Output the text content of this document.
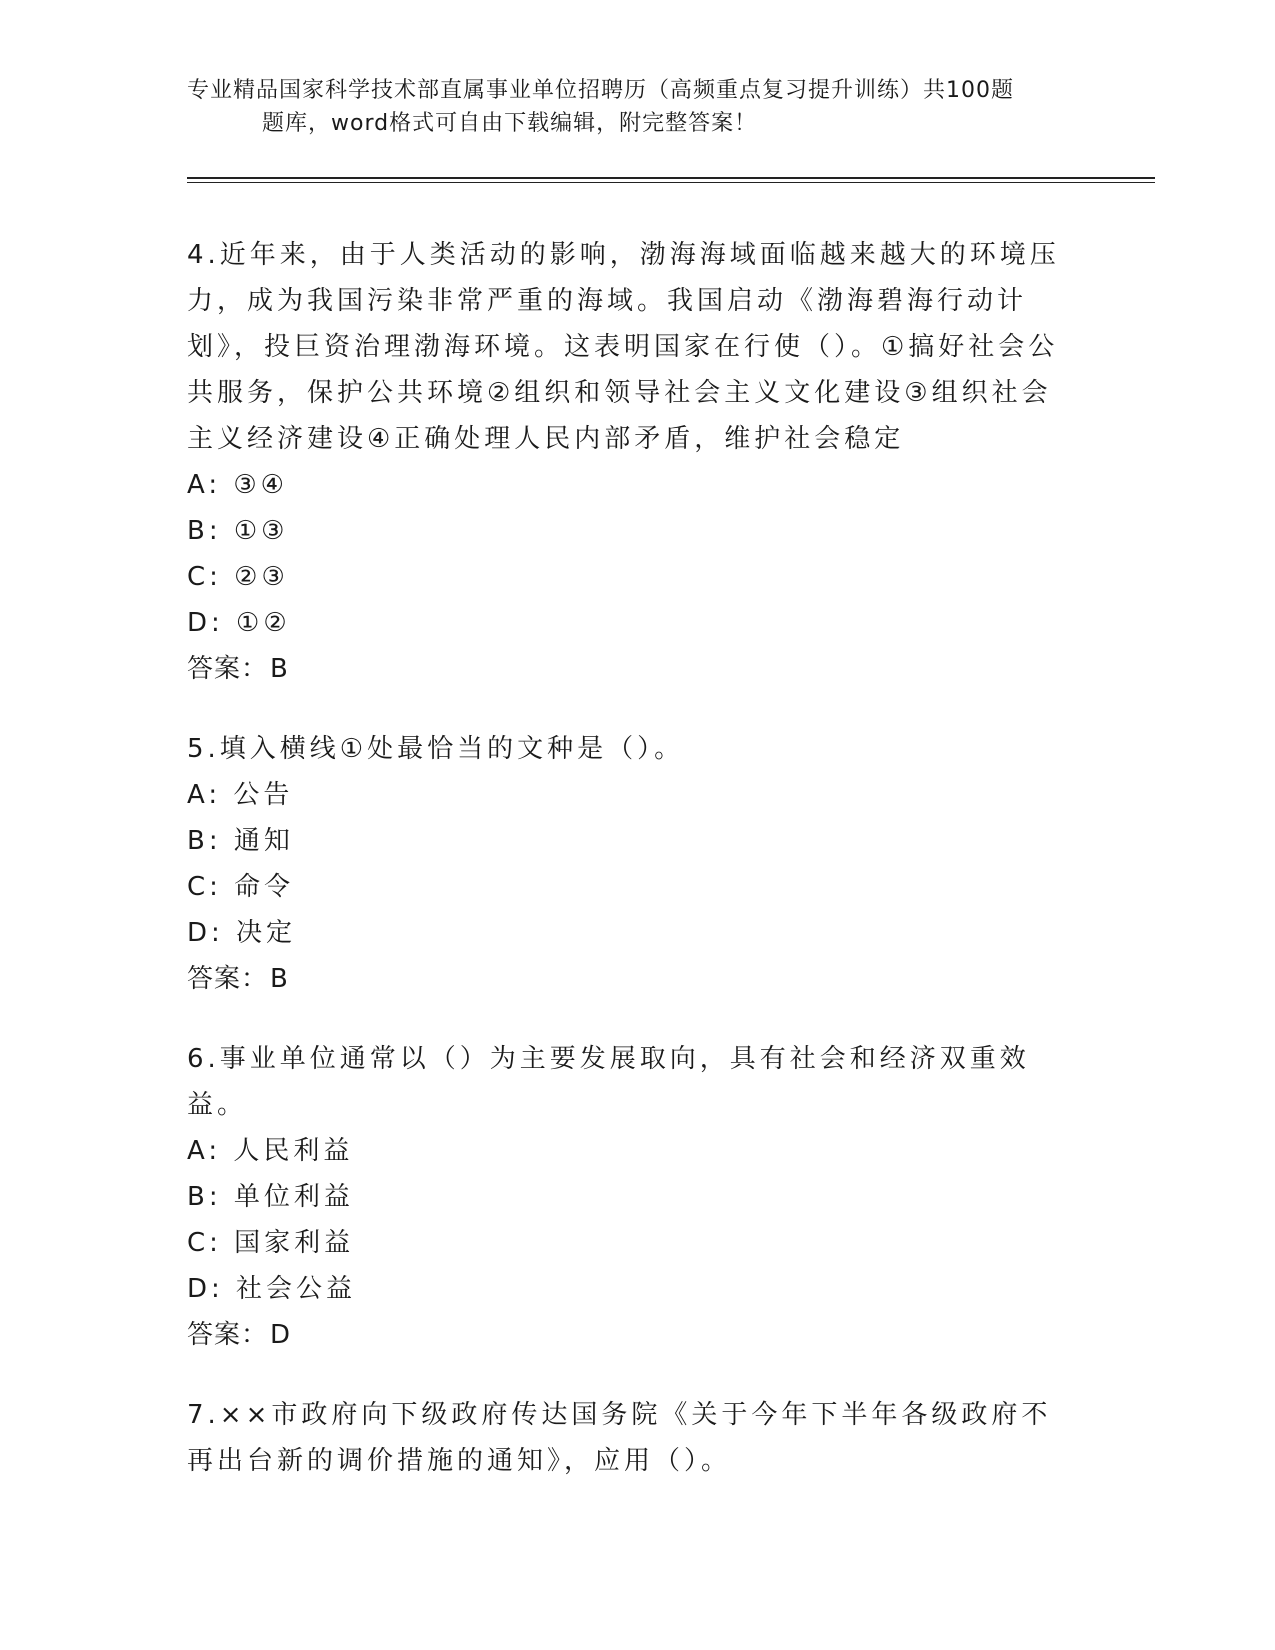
专业精品国家科学技术部直属事业单位招聘历（高频重点复习提升训练）共100题
题库，word格式可自由下载编辑，附完整答案！

4.近年来，由于人类活动的影响，渤海海域面临越来越大的环境压力，成为我国污染非常严重的海域。我国启动《渤海碧海行动计划》，投巨资治理渤海环境。这表明国家在行使（）。①搞好社会公共服务，保护公共环境②组织和领导社会主义文化建设③组织社会主义经济建设④正确处理人民内部矛盾，维护社会稳定

A: ③④
B: ①③
C: ②③
D: ①②
答案：B

5.填入横线①处最恰当的文种是（）。

A: 公告
B: 通知
C: 命令
D: 决定
答案：B

6.事业单位通常以（）为主要发展取向，具有社会和经济双重效益。

A: 人民利益
B: 单位利益
C: 国家利益
D: 社会公益
答案：D

7.××市政府向下级政府传达国务院《关于今年下半年各级政府不再出台新的调价措施的通知》，应用（）。
